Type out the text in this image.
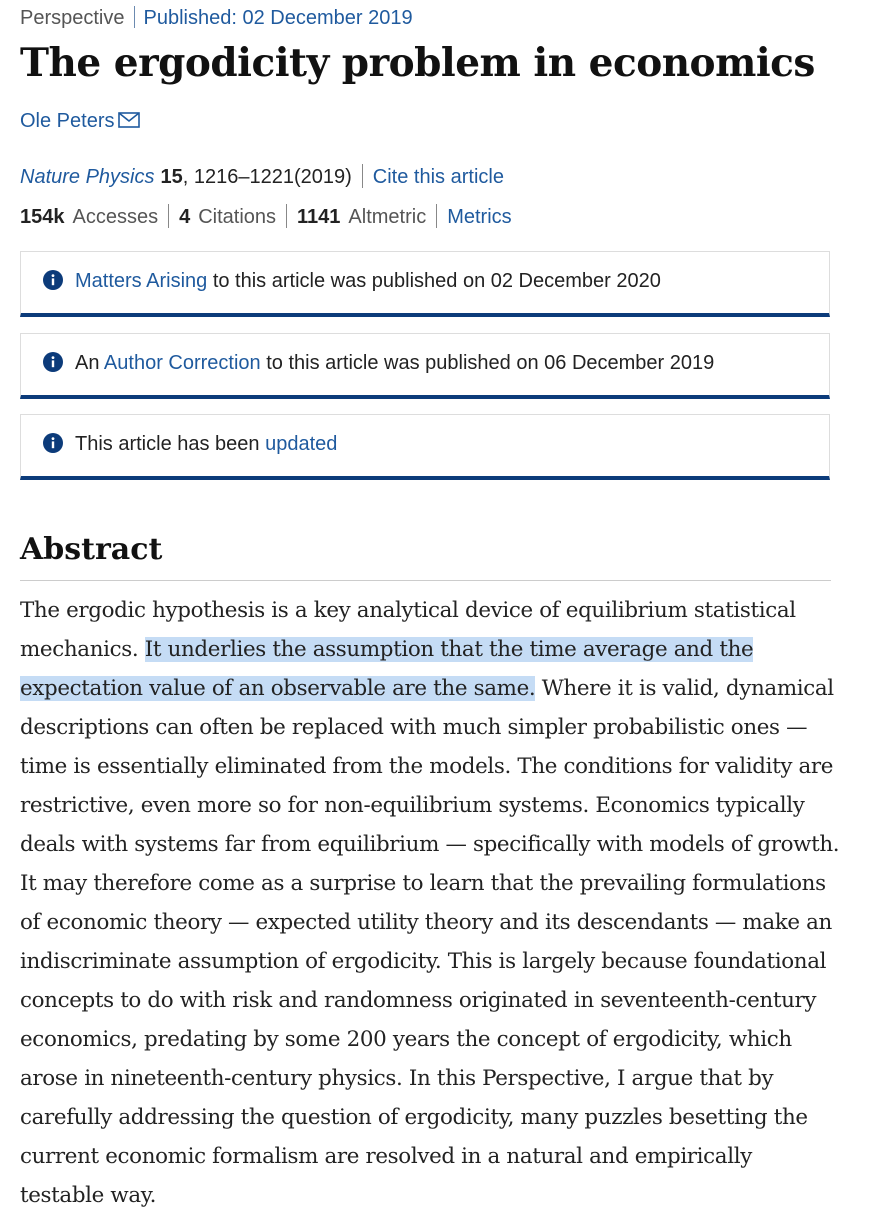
Perspective Published: 02 December 2019
The ergodicity problem in economics
Ole Peters
Nature Physics 15, 1216–1221(2019) Cite this article
154k Accesses 4 Citations 1141 Altmetric Metrics
Matters Arising to this article was published on 02 December 2020
An Author Correction to this article was published on 06 December 2019
This article has been updated
Abstract

The ergodic hypothesis is a key analytical device of equilibrium statistical mechanics. It underlies the assumption that the time average and the expectation value of an observable are the same. Where it is valid, dynamical descriptions can often be replaced with much simpler probabilistic ones — time is essentially eliminated from the models. The conditions for validity are restrictive, even more so for non-equilibrium systems. Economics typically deals with systems far from equilibrium — specifically with models of growth. It may therefore come as a surprise to learn that the prevailing formulations of economic theory — expected utility theory and its descendants — make an indiscriminate assumption of ergodicity. This is largely because foundational concepts to do with risk and randomness originated in seventeenth-century economics, predating by some 200 years the concept of ergodicity, which arose in nineteenth-century physics. In this Perspective, I argue that by carefully addressing the question of ergodicity, many puzzles besetting the current economic formalism are resolved in a natural and empirically testable way.
